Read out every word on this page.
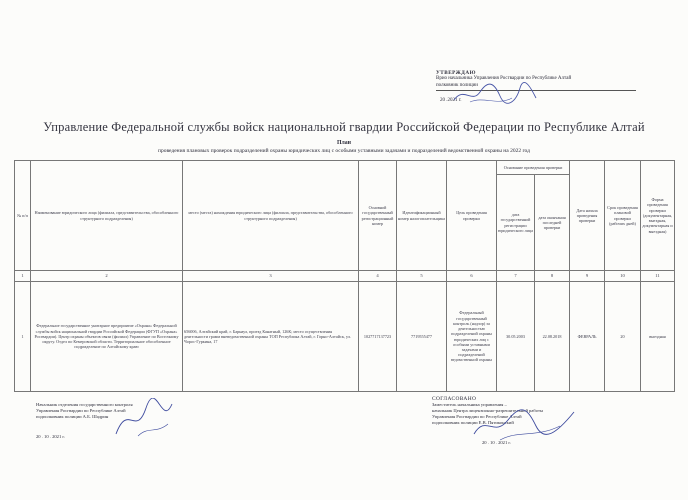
УТВЕРЖДАЮ
Врио начальника Управления Росгвардии по Республике Алтай
полковник полиции
20 .2021 г.
Управление Федеральной службы войск национальной гвардии Российской Федерации по Республике Алтай
План
проведения плановых проверок подразделений охраны юридических лиц с особыми уставными задачами и подразделений ведомственной охраны на 2022 год
№ п/п	Наименование юридического лица (филиала, представительства, обособленного структурного подразделения)	место (места) нахождения юридического лица (филиала, представительства, обособленного структурного подразделения)	Основной государственный регистрационный номер	Идентификационный номер налогоплательщика	Цель проведения проверки	Основание проведения проверки		Дата начала проведения проверки	Срок проведения плановой проверки (рабочих дней)	Форма проведения проверки (документарная, выездная, документарная и выездная)
						дата государственной регистрации юридического лица	дата окончания последней проверки			
1	2	3	4	5	6	7	8	9	10	11
1	Федеральное государственное унитарное предприятие «Охрана» Федеральной службы войск национальной гвардии Российской Федерации (ФГУП «Охрана» Росгвардии). Центр охраны объектов связи (филиал) Управление по Восточному округу. Отдел по Кемеровской области. Территориальное обособленное подразделение по Алтайскому краю	656006, Алтайский край, г. Барнаул, проезд Канатный, 126К; место осуществления деятельности грамм вневедомственной охраны ТОП Республика Алтай, г. Горно-Алтайск, ул. Чорос-Гуркина, 17	1027717137723	7719555477	Федеральный государственный контроль (надзор) за деятельностью подразделений охраны юридических лиц с особыми уставными задачами и подразделений ведомственной охраны	30.05.2003	22.08.2018	ФЕВРАЛЬ	20	выездная
Начальник отделения государственного контроля
Управления Росгвардии по Республике Алтай
подполковник полиции А.Б. Шадрин
20 . 10 . 2021 г.
СОГЛАСОВАНО
Заместитель начальника управления –
начальник Центра лицензионно-разрешительной работы
Управления Росгвардии по Республике Алтай
подполковник полиции Е.В. Пятиконский
20 . 10 . 2021 г.
